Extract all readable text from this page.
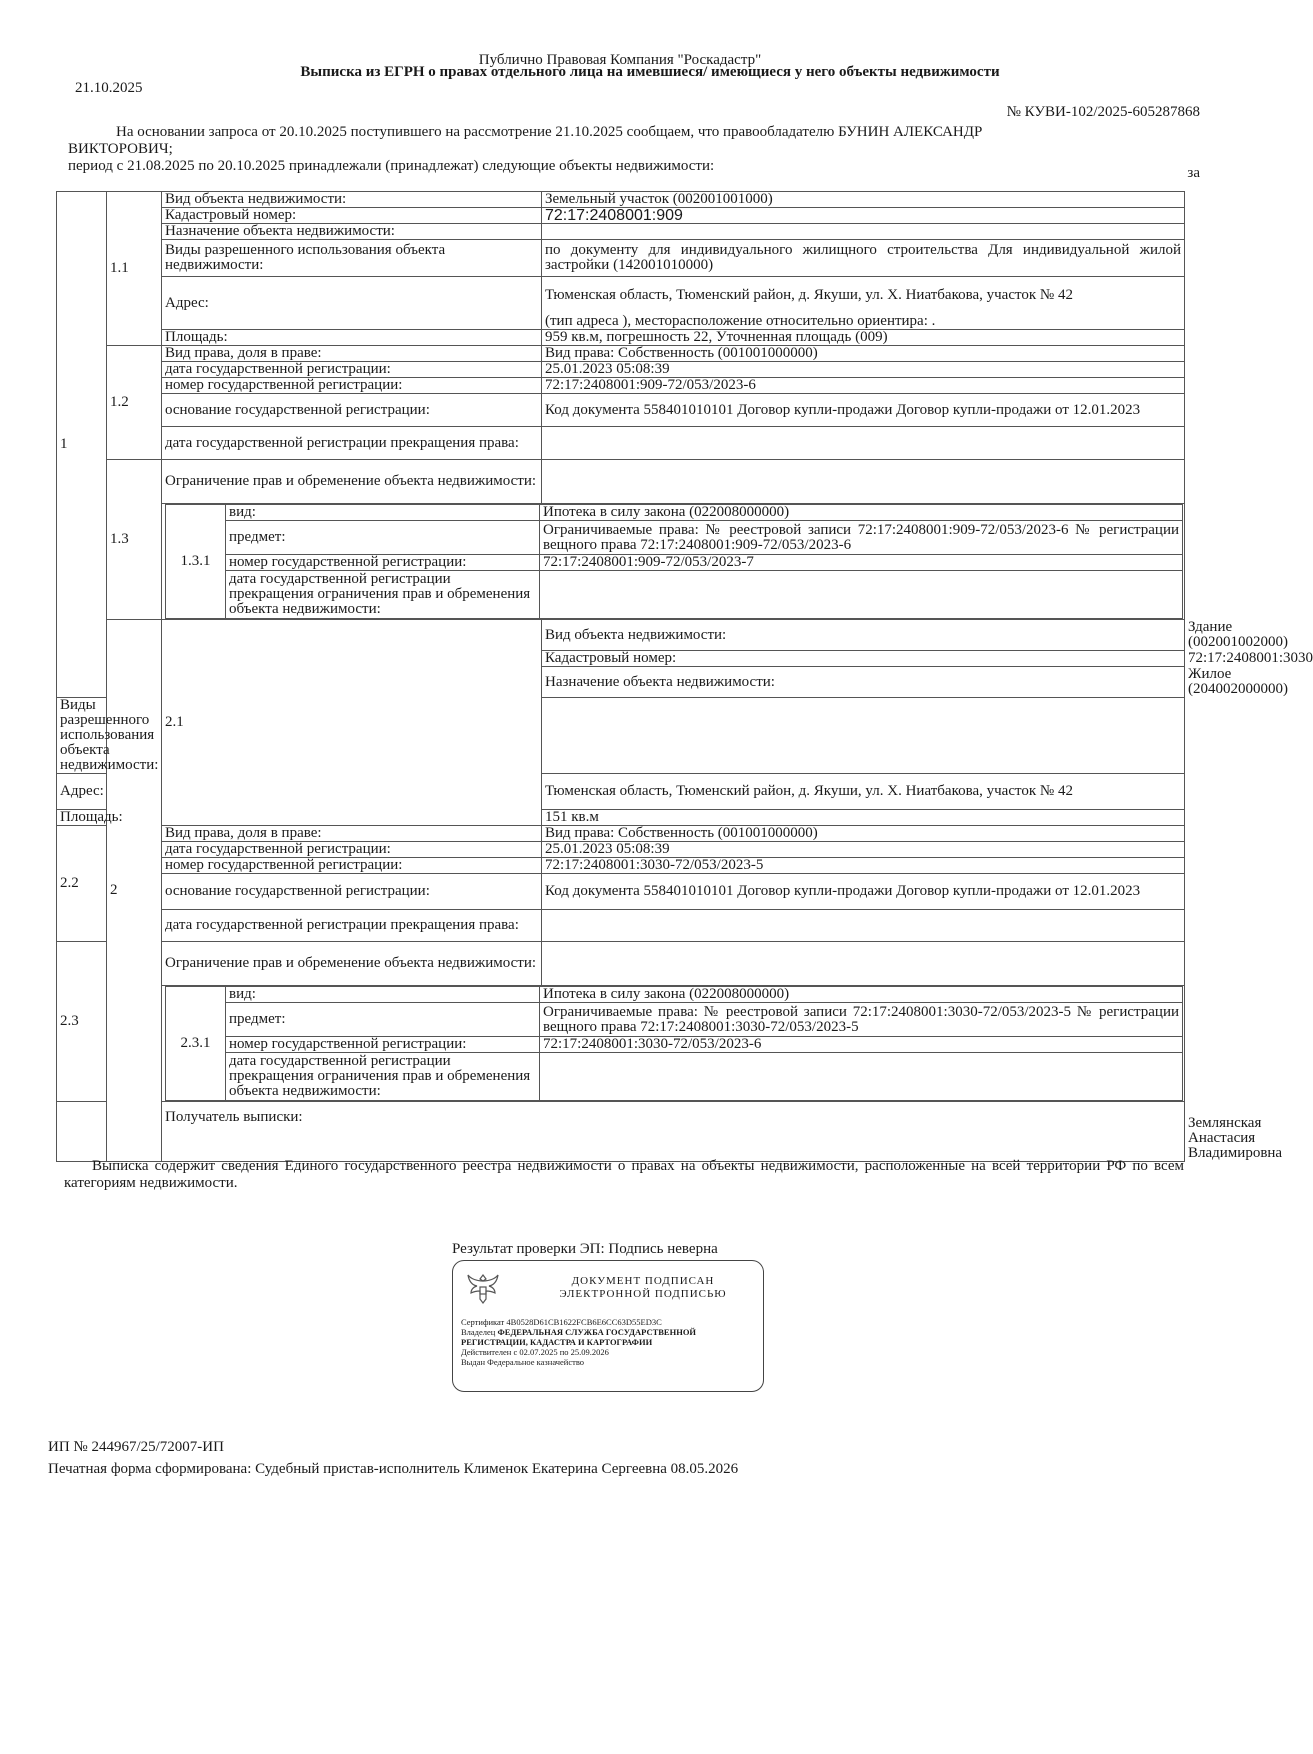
Публично Правовая Компания "Роскадастр"
21.10.2025
Выписка из ЕГРН о правах отдельного лица на имевшиеся/ имеющиеся у него объекты недвижимости
№ КУВИ-102/2025-605287868

На основании запроса от 20.10.2025 поступившего на рассмотрение 21.10.2025 сообщаем, что правообладателю БУНИН АЛЕКСАНДР

ВИКТОРОВИЧ;

период с 21.08.2025 по 20.10.2025 принадлежали (принадлежат) следующие объекты недвижимости:	за
1	1.1	Вид объекта недвижимости:	Земельный участок (002001001000)
Кадастровый номер:	72:17:2408001:909
Назначение объекта недвижимости:	
Виды разрешенного использования объекта недвижимости:	по документу для индивидуального жилищного строительства Для индивидуальной жилой застройки (142001010000)
Адрес:	Тюменская область, Тюменский район, д. Якуши, ул. Х. Ниатбакова, участок № 42
(тип адреса ), месторасположение относительно ориентира: .
Площадь:	959 кв.м, погрешность 22, Уточненная площадь (009)
1.2	Вид права, доля в праве:	Вид права: Собственность (001001000000)
дата государственной регистрации:	25.01.2023 05:08:39
номер государственной регистрации:	72:17:2408001:909-72/053/2023-6
основание государственной регистрации:	Код документа 558401010101 Договор купли-продажи Договор купли-продажи от 12.01.2023
дата государственной регистрации прекращения права:	
1.3	Ограничение прав и обременение объекта недвижимости:	

1.3.1	вид:	Ипотека в силу закона (022008000000)
предмет:	Ограничиваемые права: № реестровой записи 72:17:2408001:909-72/053/2023-6 № регистрации вещного права 72:17:2408001:909-72/053/2023-6
номер государственной регистрации:	72:17:2408001:909-72/053/2023-7
дата государственной регистрации прекращения ограничения прав и обременения объекта недвижимости:	

2	2.1	Вид объекта недвижимости:	Здание (002001002000)
Кадастровый номер:	72:17:2408001:3030
Назначение объекта недвижимости:	Жилое (204002000000)
Виды разрешенного использования объекта недвижимости:	
Адрес:	Тюменская область, Тюменский район, д. Якуши, ул. Х. Ниатбакова, участок № 42
Площадь:	151 кв.м
2.2	Вид права, доля в праве:	Вид права: Собственность (001001000000)
дата государственной регистрации:	25.01.2023 05:08:39
номер государственной регистрации:	72:17:2408001:3030-72/053/2023-5
основание государственной регистрации:	Код документа 558401010101 Договор купли-продажи Договор купли-продажи от 12.01.2023
дата государственной регистрации прекращения права:	
2.3	Ограничение прав и обременение объекта недвижимости:	

2.3.1	вид:	Ипотека в силу закона (022008000000)
предмет:	Ограничиваемые права: № реестровой записи 72:17:2408001:3030-72/053/2023-5 № регистрации вещного права 72:17:2408001:3030-72/053/2023-5
номер государственной регистрации:	72:17:2408001:3030-72/053/2023-6
дата государственной регистрации прекращения ограничения прав и обременения объекта недвижимости:	

	Получатель выписки:	Землянская Анастасия Владимировна

Выписка содержит сведения Единого государственного реестра недвижимости о правах на объекты недвижимости, расположенные на всей территории РФ по всем категориям недвижимости.

Результат проверки ЭП: Подпись неверна
ДОКУМЕНТ ПОДПИСАН
ЭЛЕКТРОННОЙ ПОДПИСЬЮ
Сертификат 4B0528D61CB1622FCB6E6CC63D55ED3C
Владелец ФЕДЕРАЛЬНАЯ СЛУЖБА ГОСУДАРСТВЕННОЙ РЕГИСТРАЦИИ, КАДАСТРА И КАРТОГРАФИИ
Действителен с 02.07.2025 по 25.09.2026
Выдан Федеральное казначейство
ИП № 244967/25/72007-ИП
Печатная форма сформирована: Судебный пристав-исполнитель Клименок Екатерина Сергеевна 08.05.2026
